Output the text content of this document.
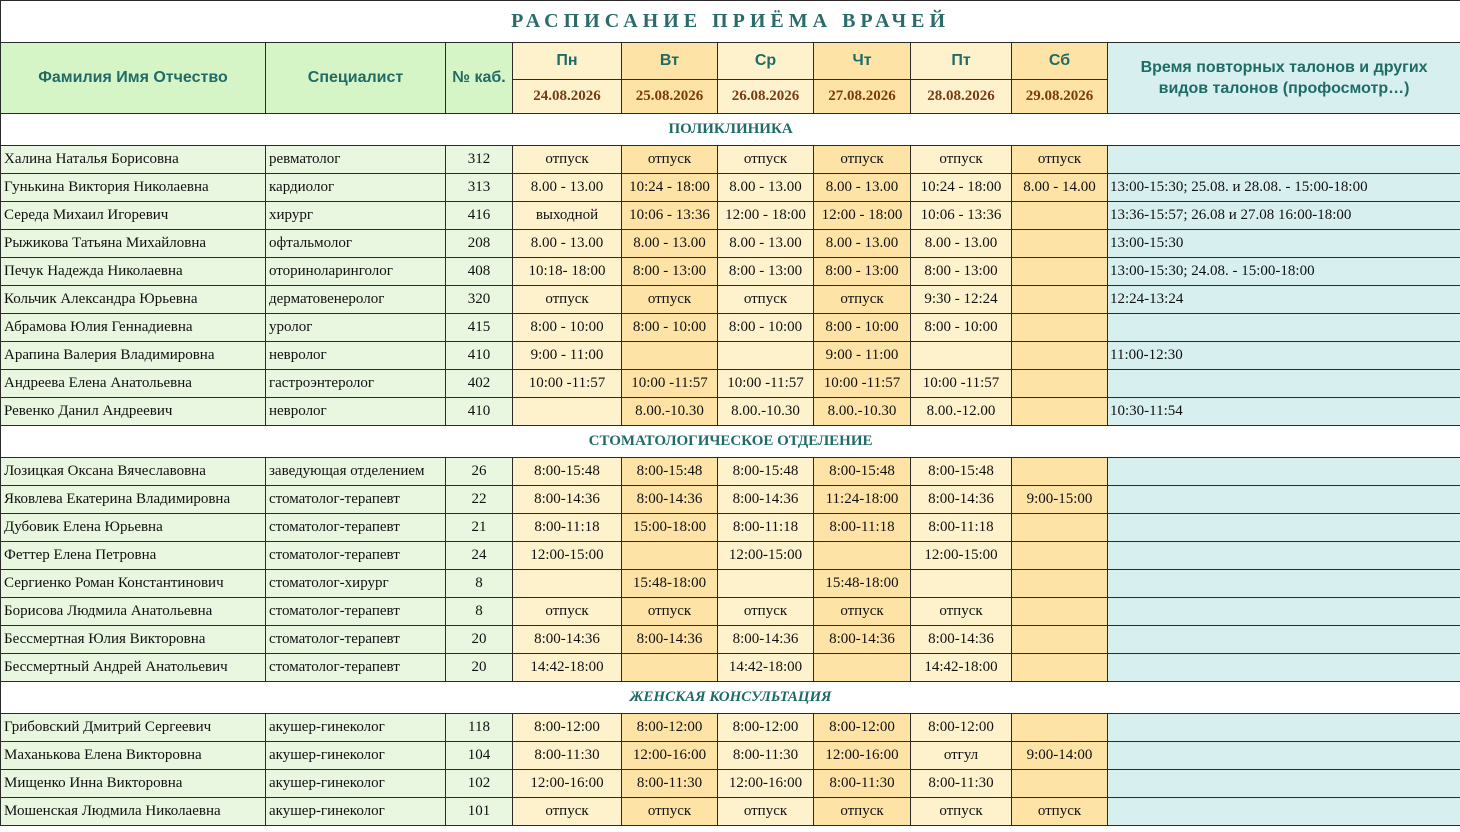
РАСПИСАНИЕ ПРИЁМА ВРАЧЕЙ									
Фамилия Имя Отчество	Специалист	№ каб.	Пн	Вт	Ср	Чт	Пт	Сб	Время повторных талонов и других видов талонов (профосмотр…)
			24.08.2026	25.08.2026	26.08.2026	27.08.2026	28.08.2026	29.08.2026	
ПОЛИКЛИНИКА									
Халина Наталья Борисовна	ревматолог	312	отпуск	отпуск	отпуск	отпуск	отпуск	отпуск	
Гунькина Виктория Николаевна	кардиолог	313	8.00 - 13.00	10:24 - 18:00	8.00 - 13.00	8.00 - 13.00	10:24 - 18:00	8.00 - 14.00	13:00-15:30; 25.08. и 28.08. - 15:00-18:00
Середа Михаил Игоревич	хирург	416	выходной	10:06 - 13:36	12:00 - 18:00	12:00 - 18:00	10:06 - 13:36		13:36-15:57; 26.08 и 27.08 16:00-18:00
Рыжикова Татьяна Михайловна	офтальмолог	208	8.00 - 13.00	8.00 - 13.00	8.00 - 13.00	8.00 - 13.00	8.00 - 13.00		13:00-15:30
Печук Надежда Николаевна	оториноларинголог	408	10:18- 18:00	8:00 - 13:00	8:00 - 13:00	8:00 - 13:00	8:00 - 13:00		13:00-15:30; 24.08. - 15:00-18:00
Кольчик Александра Юрьевна	дерматовенеролог	320	отпуск	отпуск	отпуск	отпуск	9:30 - 12:24		12:24-13:24
Абрамова Юлия Геннадиевна	уролог	415	8:00 - 10:00	8:00 - 10:00	8:00 - 10:00	8:00 - 10:00	8:00 - 10:00		
Арапина Валерия Владимировна	невролог	410	9:00 - 11:00			9:00 - 11:00			11:00-12:30
Андреева Елена Анатольевна	гастроэнтеролог	402	10:00 -11:57	10:00 -11:57	10:00 -11:57	10:00 -11:57	10:00 -11:57		
Ревенко Данил Андреевич	невролог	410		8.00.-10.30	8.00.-10.30	8.00.-10.30	8.00.-12.00		10:30-11:54
СТОМАТОЛОГИЧЕСКОЕ ОТДЕЛЕНИЕ									
Лозицкая Оксана Вячеславовна	заведующая отделением	26	8:00-15:48	8:00-15:48	8:00-15:48	8:00-15:48	8:00-15:48		
Яковлева Екатерина Владимировна	стоматолог-терапевт	22	8:00-14:36	8:00-14:36	8:00-14:36	11:24-18:00	8:00-14:36	9:00-15:00	
Дубовик Елена Юрьевна	стоматолог-терапевт	21	8:00-11:18	15:00-18:00	8:00-11:18	8:00-11:18	8:00-11:18		
Феттер Елена Петровна	стоматолог-терапевт	24	12:00-15:00		12:00-15:00		12:00-15:00		
Сергиенко Роман Константинович	стоматолог-хирург	8		15:48-18:00		15:48-18:00			
Борисова Людмила Анатольевна	стоматолог-терапевт	8	отпуск	отпуск	отпуск	отпуск	отпуск		
Бессмертная Юлия Викторовна	стоматолог-терапевт	20	8:00-14:36	8:00-14:36	8:00-14:36	8:00-14:36	8:00-14:36		
Бессмертный Андрей Анатольевич	стоматолог-терапевт	20	14:42-18:00		14:42-18:00		14:42-18:00		
ЖЕНСКАЯ КОНСУЛЬТАЦИЯ									
Грибовский Дмитрий Сергеевич	акушер-гинеколог	118	8:00-12:00	8:00-12:00	8:00-12:00	8:00-12:00	8:00-12:00		
Маханькова Елена Викторовна	акушер-гинеколог	104	8:00-11:30	12:00-16:00	8:00-11:30	12:00-16:00	отгул	9:00-14:00	
Мищенко Инна Викторовна	акушер-гинеколог	102	12:00-16:00	8:00-11:30	12:00-16:00	8:00-11:30	8:00-11:30		
Мошенская Людмила Николаевна	акушер-гинеколог	101	отпуск	отпуск	отпуск	отпуск	отпуск	отпуск	
